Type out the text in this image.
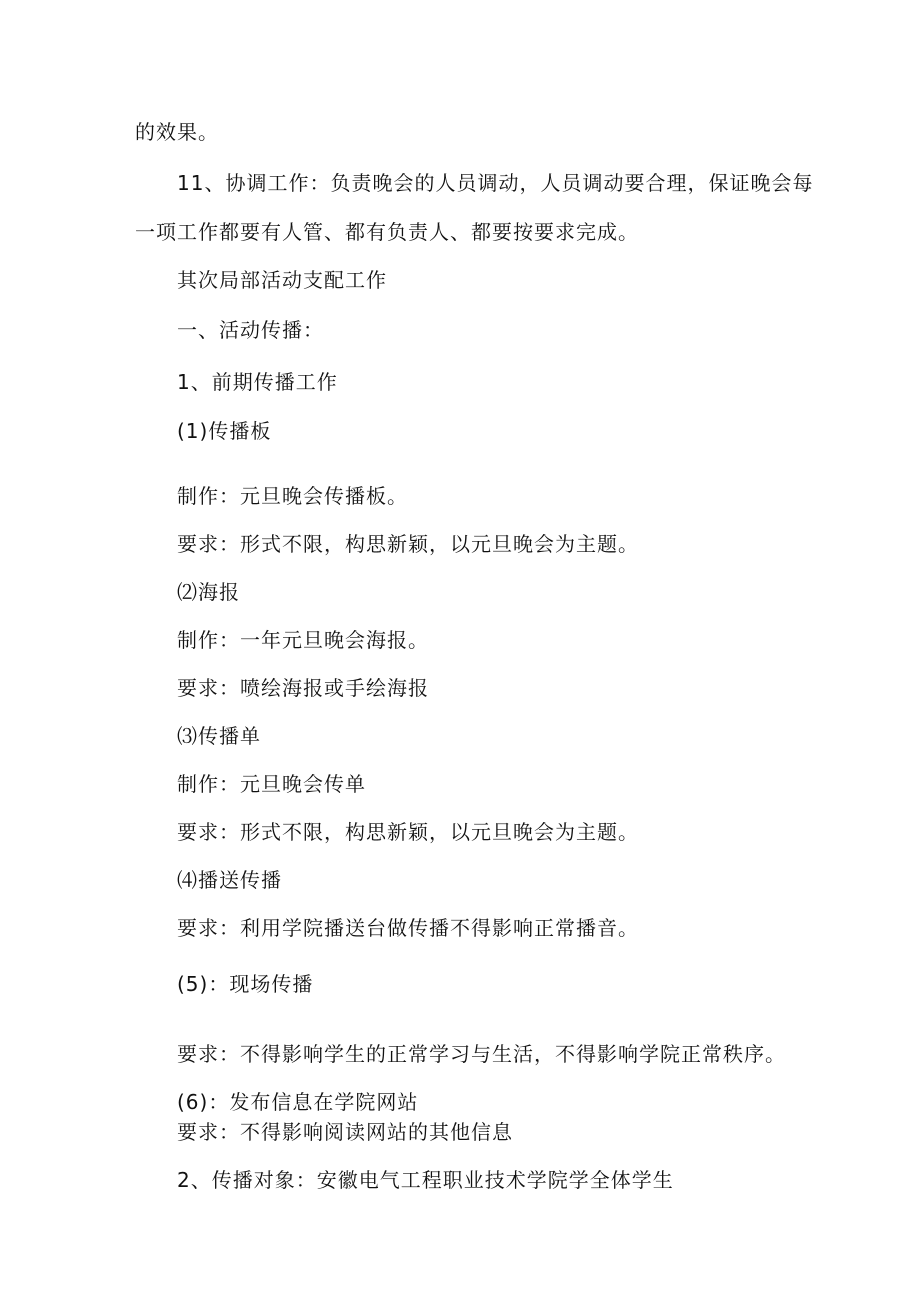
的效果。
11、协调工作：负责晚会的人员调动，人员调动要合理，保证晚会每
一项工作都要有人管、都有负责人、都要按要求完成。
其次局部活动支配工作
一、活动传播：
1、前期传播工作
(1)传播板
制作：元旦晚会传播板。
要求：形式不限，构思新颖，以元旦晚会为主题。
⑵海报
制作：一年元旦晚会海报。
要求：喷绘海报或手绘海报
⑶传播单
制作：元旦晚会传单
要求：形式不限，构思新颖，以元旦晚会为主题。
⑷播送传播
要求：利用学院播送台做传播不得影响正常播音。
(5)：现场传播
要求：不得影响学生的正常学习与生活，不得影响学院正常秩序。
(6)：发布信息在学院网站
要求：不得影响阅读网站的其他信息
2、传播对象：安徽电气工程职业技术学院学全体学生
